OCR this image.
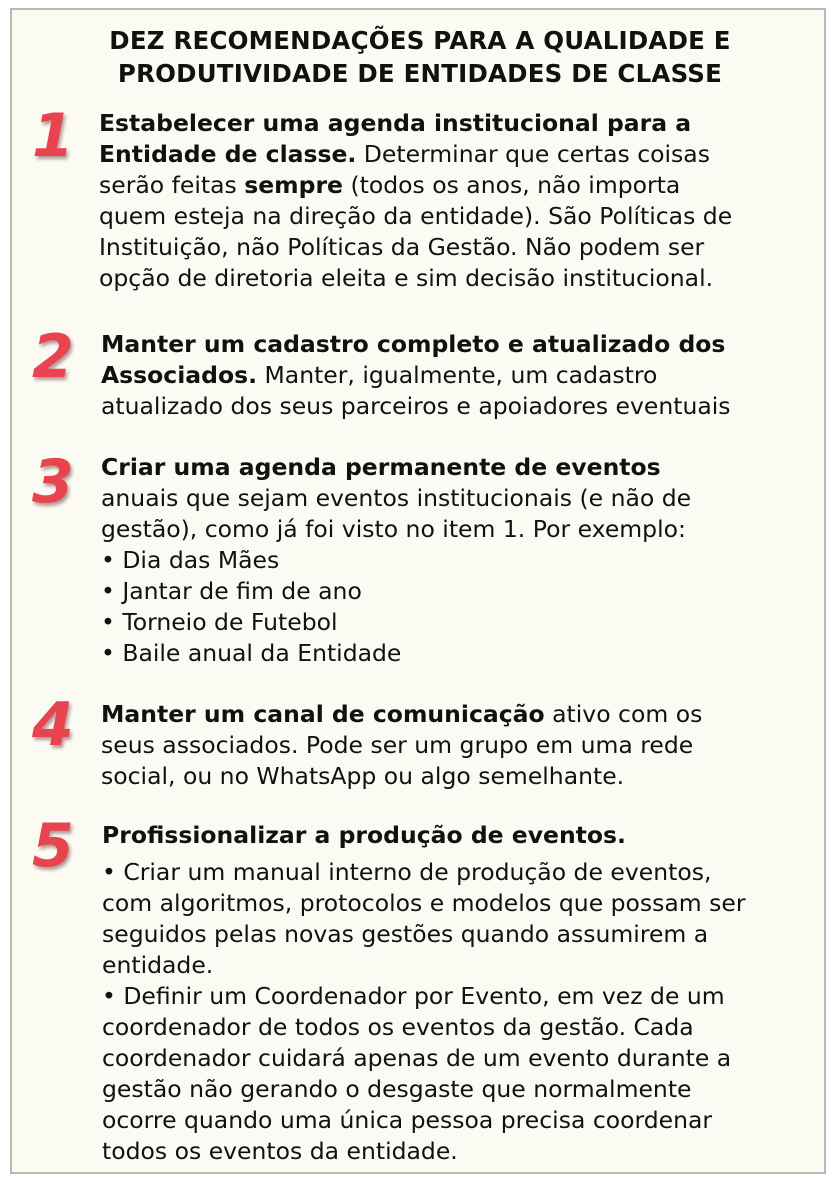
DEZ RECOMENDAÇÕES PARA A QUALIDADE E
PRODUTIVIDADE DE ENTIDADES DE CLASSE
1 Estabelecer uma agenda institucional para a
Entidade de classe. Determinar que certas coisas
serão feitas sempre (todos os anos, não importa
quem esteja na direção da entidade). São Políticas de
Instituição, não Políticas da Gestão. Não podem ser
opção de diretoria eleita e sim decisão institucional.
2 Manter um cadastro completo e atualizado dos
Associados. Manter, igualmente, um cadastro
atualizado dos seus parceiros e apoiadores eventuais
3 Criar uma agenda permanente de eventos
anuais que sejam eventos institucionais (e não de
gestão), como já foi visto no item 1. Por exemplo:
• Dia das Mães
• Jantar de fim de ano
• Torneio de Futebol
• Baile anual da Entidade
4 Manter um canal de comunicação ativo com os
seus associados. Pode ser um grupo em uma rede
social, ou no WhatsApp ou algo semelhante.
5 Profissionalizar a produção de eventos.
• Criar um manual interno de produção de eventos,
com algoritmos, protocolos e modelos que possam ser
seguidos pelas novas gestões quando assumirem a
entidade.
• Definir um Coordenador por Evento, em vez de um
coordenador de todos os eventos da gestão. Cada
coordenador cuidará apenas de um evento durante a
gestão não gerando o desgaste que normalmente
ocorre quando uma única pessoa precisa coordenar
todos os eventos da entidade.
